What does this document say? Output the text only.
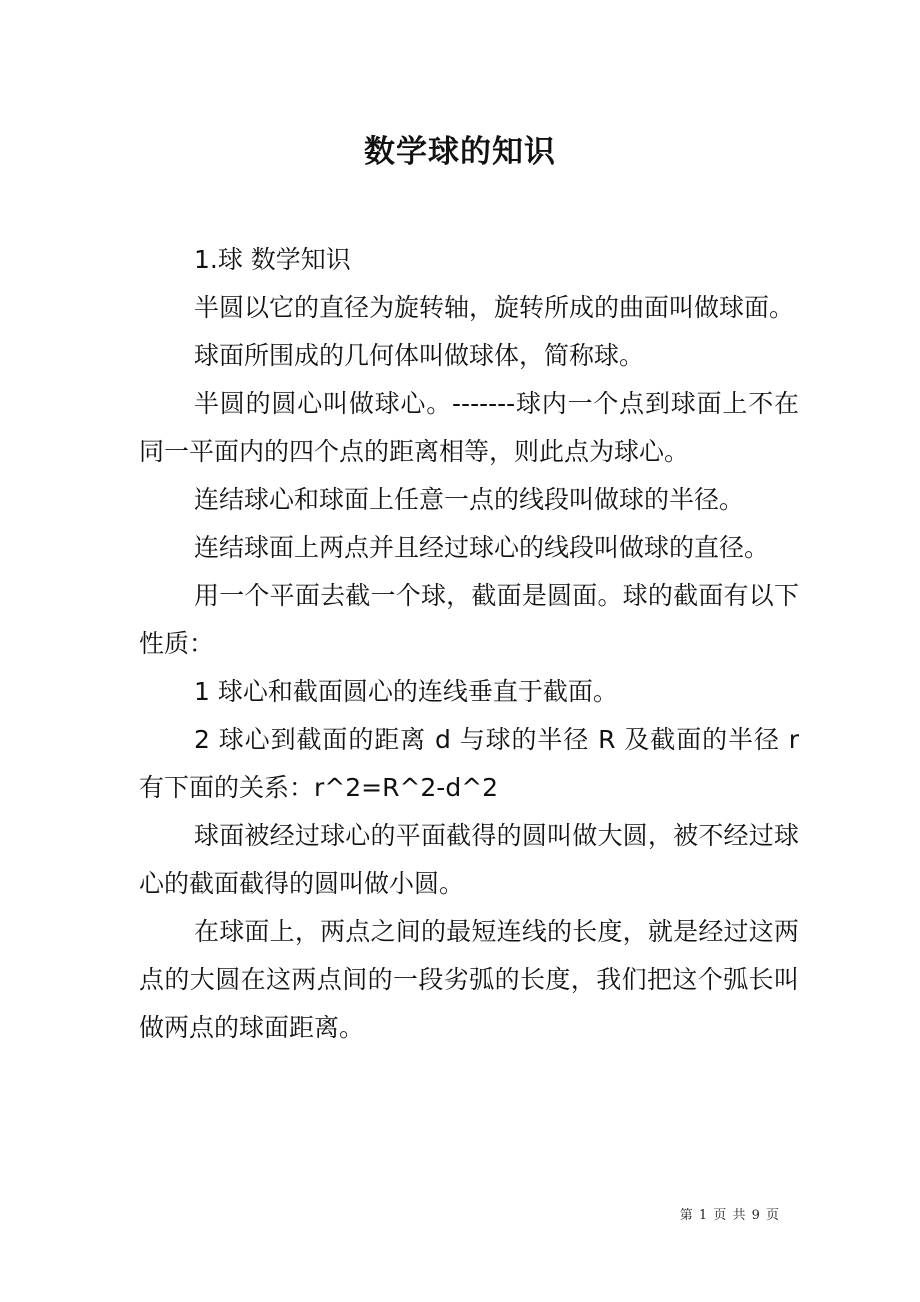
数学球的知识

1.球 数学知识

半圆以它的直径为旋转轴，旋转所成的曲面叫做球面。

球面所围成的几何体叫做球体，简称球。

半圆的圆心叫做球心。-------球内一个点到球面上不在同一平面内的四个点的距离相等，则此点为球心。

连结球心和球面上任意一点的线段叫做球的半径。

连结球面上两点并且经过球心的线段叫做球的直径。

用一个平面去截一个球，截面是圆面。球的截面有以下性质：

1 球心和截面圆心的连线垂直于截面。

2 球心到截面的距离 d 与球的半径 R 及截面的半径 r 有下面的关系：r^2=R^2-d^2

球面被经过球心的平面截得的圆叫做大圆，被不经过球心的截面截得的圆叫做小圆。

在球面上，两点之间的最短连线的长度，就是经过这两点的大圆在这两点间的一段劣弧的长度，我们把这个弧长叫做两点的球面距离。

第 1 页 共 9 页
